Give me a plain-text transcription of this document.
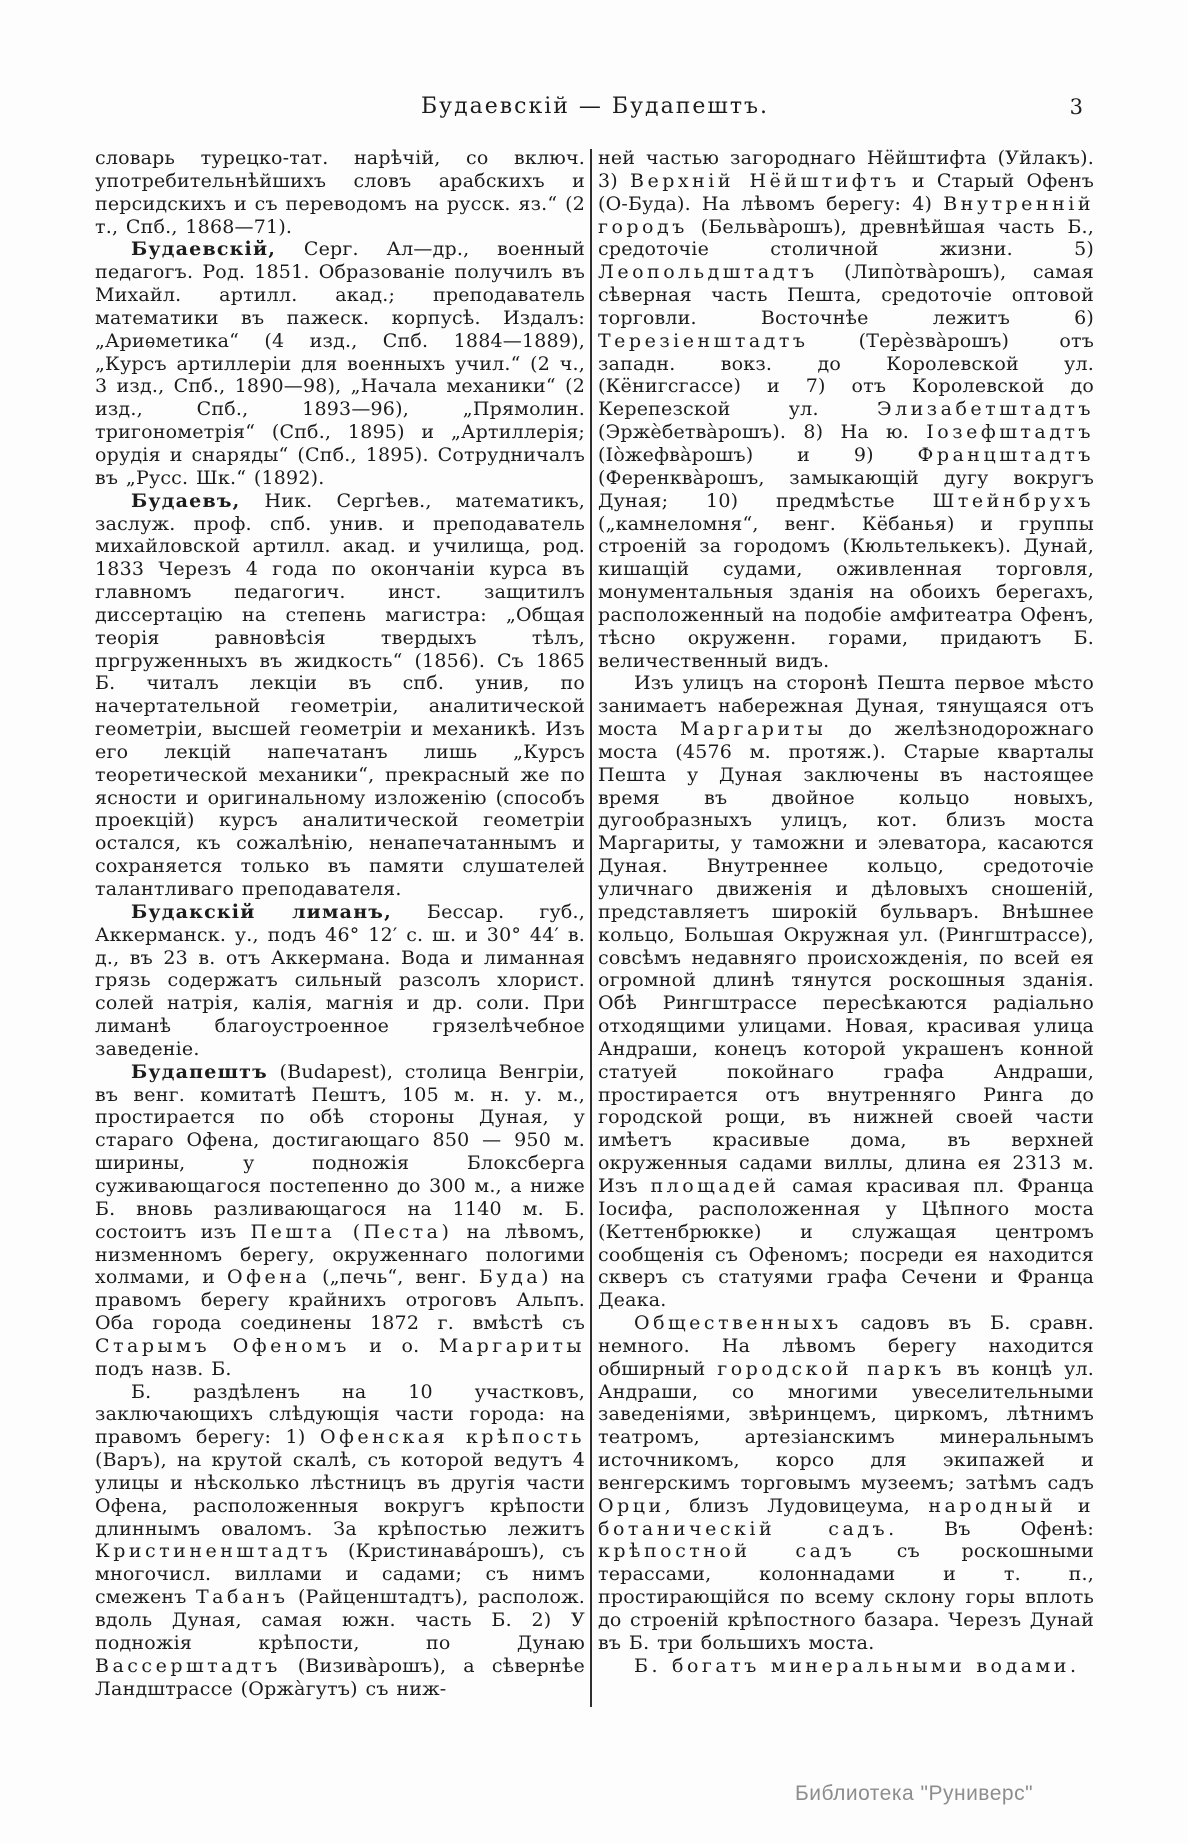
Будаевскій — Будапештъ.	3

словарь турецко-тат. нарѣчій, со включ. употребительнѣйшихъ словъ арабскихъ и персидскихъ и съ переводомъ на русск. яз.“ (2 т., Спб., 1868—71).

Будаевскій, Серг. Ал—др., военный педагогъ. Род. 1851. Образованіе получилъ въ Михайл. артилл. акад.; преподаватель математики въ пажеск. корпусѣ. Издалъ: „Ариѳметика“ (4 изд., Спб. 1884—1889), „Курсъ артиллеріи для военныхъ учил.“ (2 ч., 3 изд., Спб., 1890—98), „Начала механики“ (2 изд., Спб., 1893—96), „Прямолин. тригонометрія“ (Спб., 1895) и „Артиллерія; орудія и снаряды“ (Спб., 1895). Сотрудничалъ въ „Русс. Шк.“ (1892).

Будаевъ, Ник. Сергѣев., математикъ, заслуж. проф. спб. унив. и преподаватель михайловской артилл. акад. и училища, род. 1833 Черезъ 4 года по окончаніи курса въ главномъ педагогич. инст. защитилъ диссертацію на степень магистра: „Общая теорія равновѣсія твердыхъ тѣлъ, пргруженныхъ въ жидкость“ (1856). Съ 1865 Б. читалъ лекціи въ спб. унив, по начертательной геометріи, аналитической геометріи, высшей геометріи и механикѣ. Изъ его лекцій напечатанъ лишь „Курсъ теоретической механики“, прекрасный же по ясности и оригинальному изложенію (способъ проекцій) курсъ аналитической геометріи остался, къ сожалѣнію, ненапечатаннымъ и сохраняется только въ памяти слушателей талантливаго преподавателя.

Будакскій лиманъ, Бессар. губ., Аккерманск. у., подъ 46° 12′ с. ш. и 30° 44′ в. д., въ 23 в. отъ Аккермана. Вода и лиманная грязь содержатъ сильный разсолъ хлорист. солей натрія, калія, магнія и др. соли. При лиманѣ благоустроенное грязелѣчебное заведеніе.

Будапештъ (Budapest), столица Венгріи, въ венг. комитатѣ Пештъ, 105 м. н. у. м., простирается по обѣ стороны Дуная, у стараго Офена, достигающаго 850 — 950 м. ширины, у подножія Блоксберга суживающагося постепенно до 300 м., а ниже Б. вновь разливающагося на 1140 м. Б. состоитъ изъ Пешта (Песта) на лѣвомъ, низменномъ берегу, окруженнаго пологими холмами, и Офена („печь“, венг. Буда) на правомъ берегу крайнихъ отроговъ Альпъ. Оба города соединены 1872 г. вмѣстѣ съ Старымъ Офеномъ и о. Маргариты подъ назв. Б.

Б. раздѣленъ на 10 участковъ, заключающихъ слѣдующія части города: на правомъ берегу: 1) Офенская крѣпость (Варъ), на крутой скалѣ, съ которой ведутъ 4 улицы и нѣсколько лѣстницъ въ другія части Офена, расположенныя вокругъ крѣпости длиннымъ оваломъ. За крѣпостью лежитъ Кристиненштадтъ (Кристинавáрошъ), съ многочисл. виллами и садами; съ нимъ смеженъ Табанъ (Райценштадтъ), располож. вдоль Дуная, самая южн. часть Б. 2) У подножія крѣпости, по Дунаю Вассерштадтъ (Визивàрошъ), а сѣвернѣе Ландштрассе (Оржàгутъ) съ ниж-

ней частью загороднаго Нёйштифта (Уйлакъ). 3) Верхній Нёйштифтъ и Старый Офенъ (О-Буда). На лѣвомъ берегу: 4) Внутренній городъ (Бельвàрошъ), древнѣйшая часть Б., средоточіе столичной жизни. 5) Леопольдштадтъ (Липòтвàрошъ), самая сѣверная часть Пешта, средоточіе оптовой торговли. Восточнѣе лежитъ 6) Терезіенштадтъ (Терèзвàрошъ) отъ западн. вокз. до Королевской ул. (Кёнигсгассе) и 7) отъ Королевской до Керепезской ул. Элизабетштадтъ (Эржèбетвàрошъ). 8) На ю. Іозефштадтъ (Іòжефвàрошъ) и 9) Францштадтъ (Ференквàрошъ, замыкающій дугу вокругъ Дуная; 10) предмѣстье Штейнбрухъ („камнеломня“, венг. Кёбанья) и группы строеній за городомъ (Кюльтелькекъ). Дунай, кишащій судами, оживленная торговля, монументальныя зданія на обоихъ берегахъ, расположенный на подобіе амфитеатра Офенъ, тѣсно окруженн. горами, придаютъ Б. величественный видъ.

Изъ улицъ на сторонѣ Пешта первое мѣсто занимаетъ набережная Дуная, тянущаяся отъ моста Маргариты до желѣзнодорожнаго моста (4576 м. протяж.). Старые кварталы Пешта у Дуная заключены въ настоящее время въ двойное кольцо новыхъ, дугообразныхъ улицъ, кот. близъ моста Маргариты, у таможни и элеватора, касаются Дуная. Внутреннее кольцо, средоточіе уличнаго движенія и дѣловыхъ сношеній, представляетъ широкій бульваръ. Внѣшнее кольцо, Большая Окружная ул. (Рингштрассе), совсѣмъ недавняго происхожденія, по всей ея огромной длинѣ тянутся роскошныя зданія. Обѣ Рингштрассе пересѣкаются радіально отходящими улицами. Новая, красивая улица Андраши, конецъ которой украшенъ конной статуей покойнаго графа Андраши, простирается отъ внутренняго Ринга до городской рощи, въ нижней своей части имѣетъ красивые дома, въ верхней окруженныя садами виллы, длина ея 2313 м. Изъ площадей самая красивая пл. Франца Іосифа, расположенная у Цѣпного моста (Кеттенбрюкке) и служащая центромъ сообщенія съ Офеномъ; посреди ея находится скверъ съ статуями графа Сечени и Франца Деака.

Общественныхъ садовъ въ Б. сравн. немного. На лѣвомъ берегу находится обширный городской паркъ въ концѣ ул. Андраши, со многими увеселительными заведеніями, звѣринцемъ, циркомъ, лѣтнимъ театромъ, артезіанскимъ минеральнымъ источникомъ, корсо для экипажей и венгерскимъ торговымъ музеемъ; затѣмъ садъ Орци, близъ Лудовицеума, народный и ботаническій садъ. Въ Офенѣ: крѣпостной садъ съ роскошными терассами, колоннадами и т. п., простирающійся по всему склону горы вплоть до строеній крѣпостного базара. Черезъ Дунай въ Б. три большихъ моста.

Б. богатъ минеральными водами.

Библиотека "Руниверс"
